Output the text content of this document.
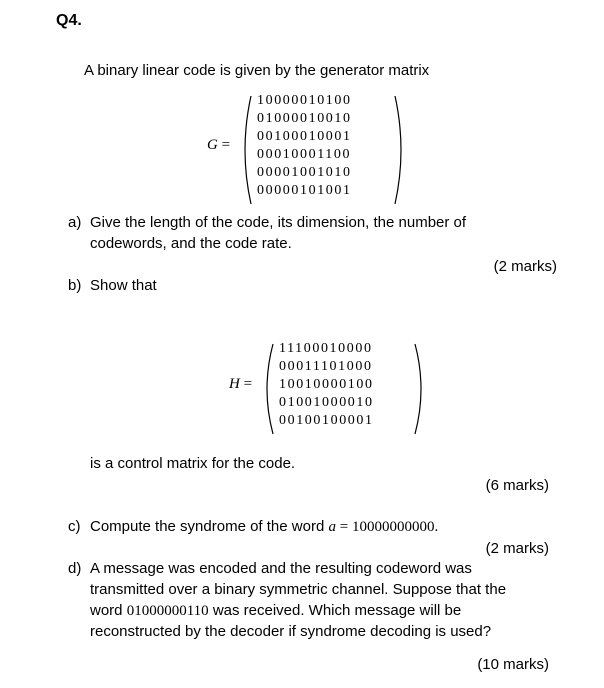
Q4.
A binary linear code is given by the generator matrix
G =
10000010100
01000010010
00100010001
00010001100
00001001010
00000101001
a) Give the length of the code, its dimension, the number of
codewords, and the code rate.
(2 marks)
b) Show that
H =
11100010000
00011101000
10010000100
01001000010
00100100001
is a control matrix for the code.
(6 marks)
c) Compute the syndrome of the word a = 10000000000.
(2 marks)
d) A message was encoded and the resulting codeword was
transmitted over a binary symmetric channel. Suppose that the
word 01000000110 was received. Which message will be
reconstructed by the decoder if syndrome decoding is used?
(10 marks)
